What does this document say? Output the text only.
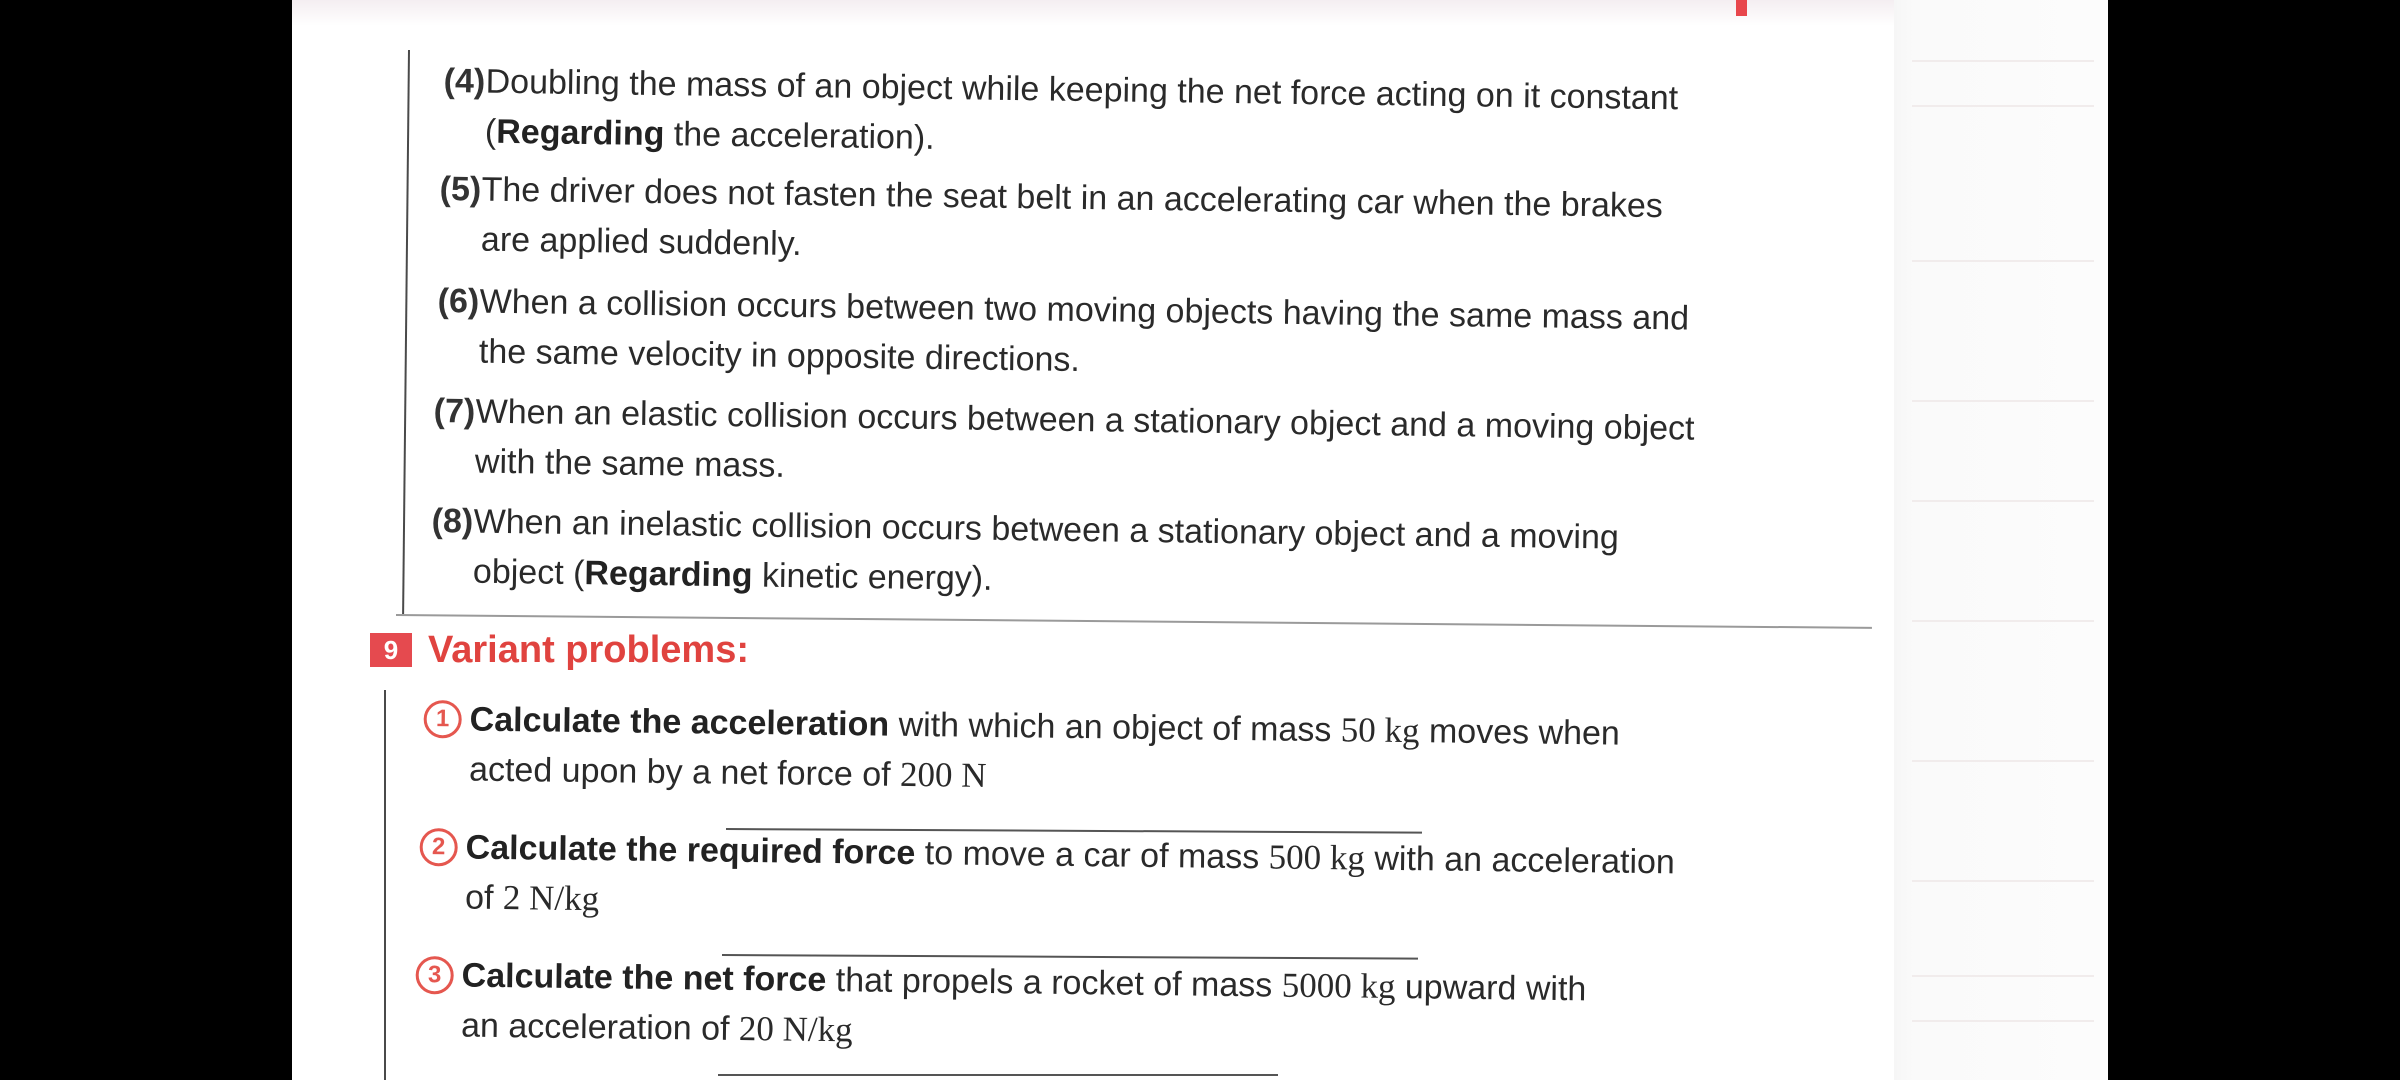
(4) Doubling the mass of an object while keeping the net force acting on it constant
(Regarding the acceleration).
(5) The driver does not fasten the seat belt in an accelerating car when the brakes
are applied suddenly.
(6) When a collision occurs between two moving objects having the same mass and
the same velocity in opposite directions.
(7) When an elastic collision occurs between a stationary object and a moving object
with the same mass.
(8) When an inelastic collision occurs between a stationary object and a moving
object (Regarding kinetic energy).
9 Variant problems:
1 Calculate the acceleration with which an object of mass 50 kg moves when
acted upon by a net force of 200 N
2 Calculate the required force to move a car of mass 500 kg with an acceleration
of 2 N/kg
3 Calculate the net force that propels a rocket of mass 5000 kg upward with
an acceleration of 20 N/kg
